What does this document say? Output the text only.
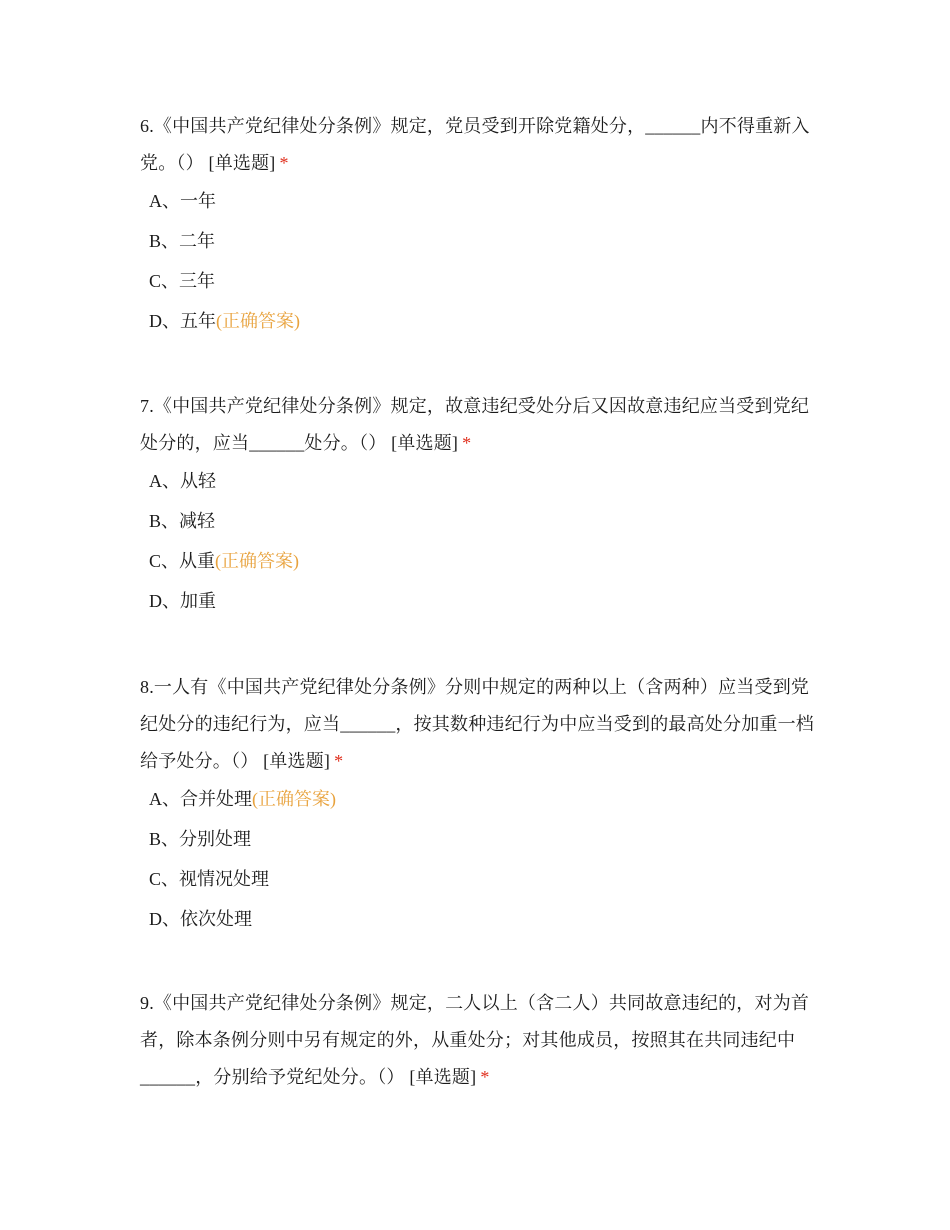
6.《中国共产党纪律处分条例》规定，党员受到开除党籍处分，______内不得重新入党。（） [单选题] *

A、一年
B、二年
C、三年
D、五年(正确答案)

7.《中国共产党纪律处分条例》规定，故意违纪受处分后又因故意违纪应当受到党纪处分的，应当______处分。（） [单选题] *

A、从轻
B、减轻
C、从重(正确答案)
D、加重

8.一人有《中国共产党纪律处分条例》分则中规定的两种以上（含两种）应当受到党纪处分的违纪行为，应当______，按其数种违纪行为中应当受到的最高处分加重一档给予处分。（） [单选题] *

A、合并处理(正确答案)
B、分别处理
C、视情况处理
D、依次处理

9.《中国共产党纪律处分条例》规定，二人以上（含二人）共同故意违纪的，对为首者，除本条例分则中另有规定的外，从重处分；对其他成员，按照其在共同违纪中______，分别给予党纪处分。（） [单选题] *
